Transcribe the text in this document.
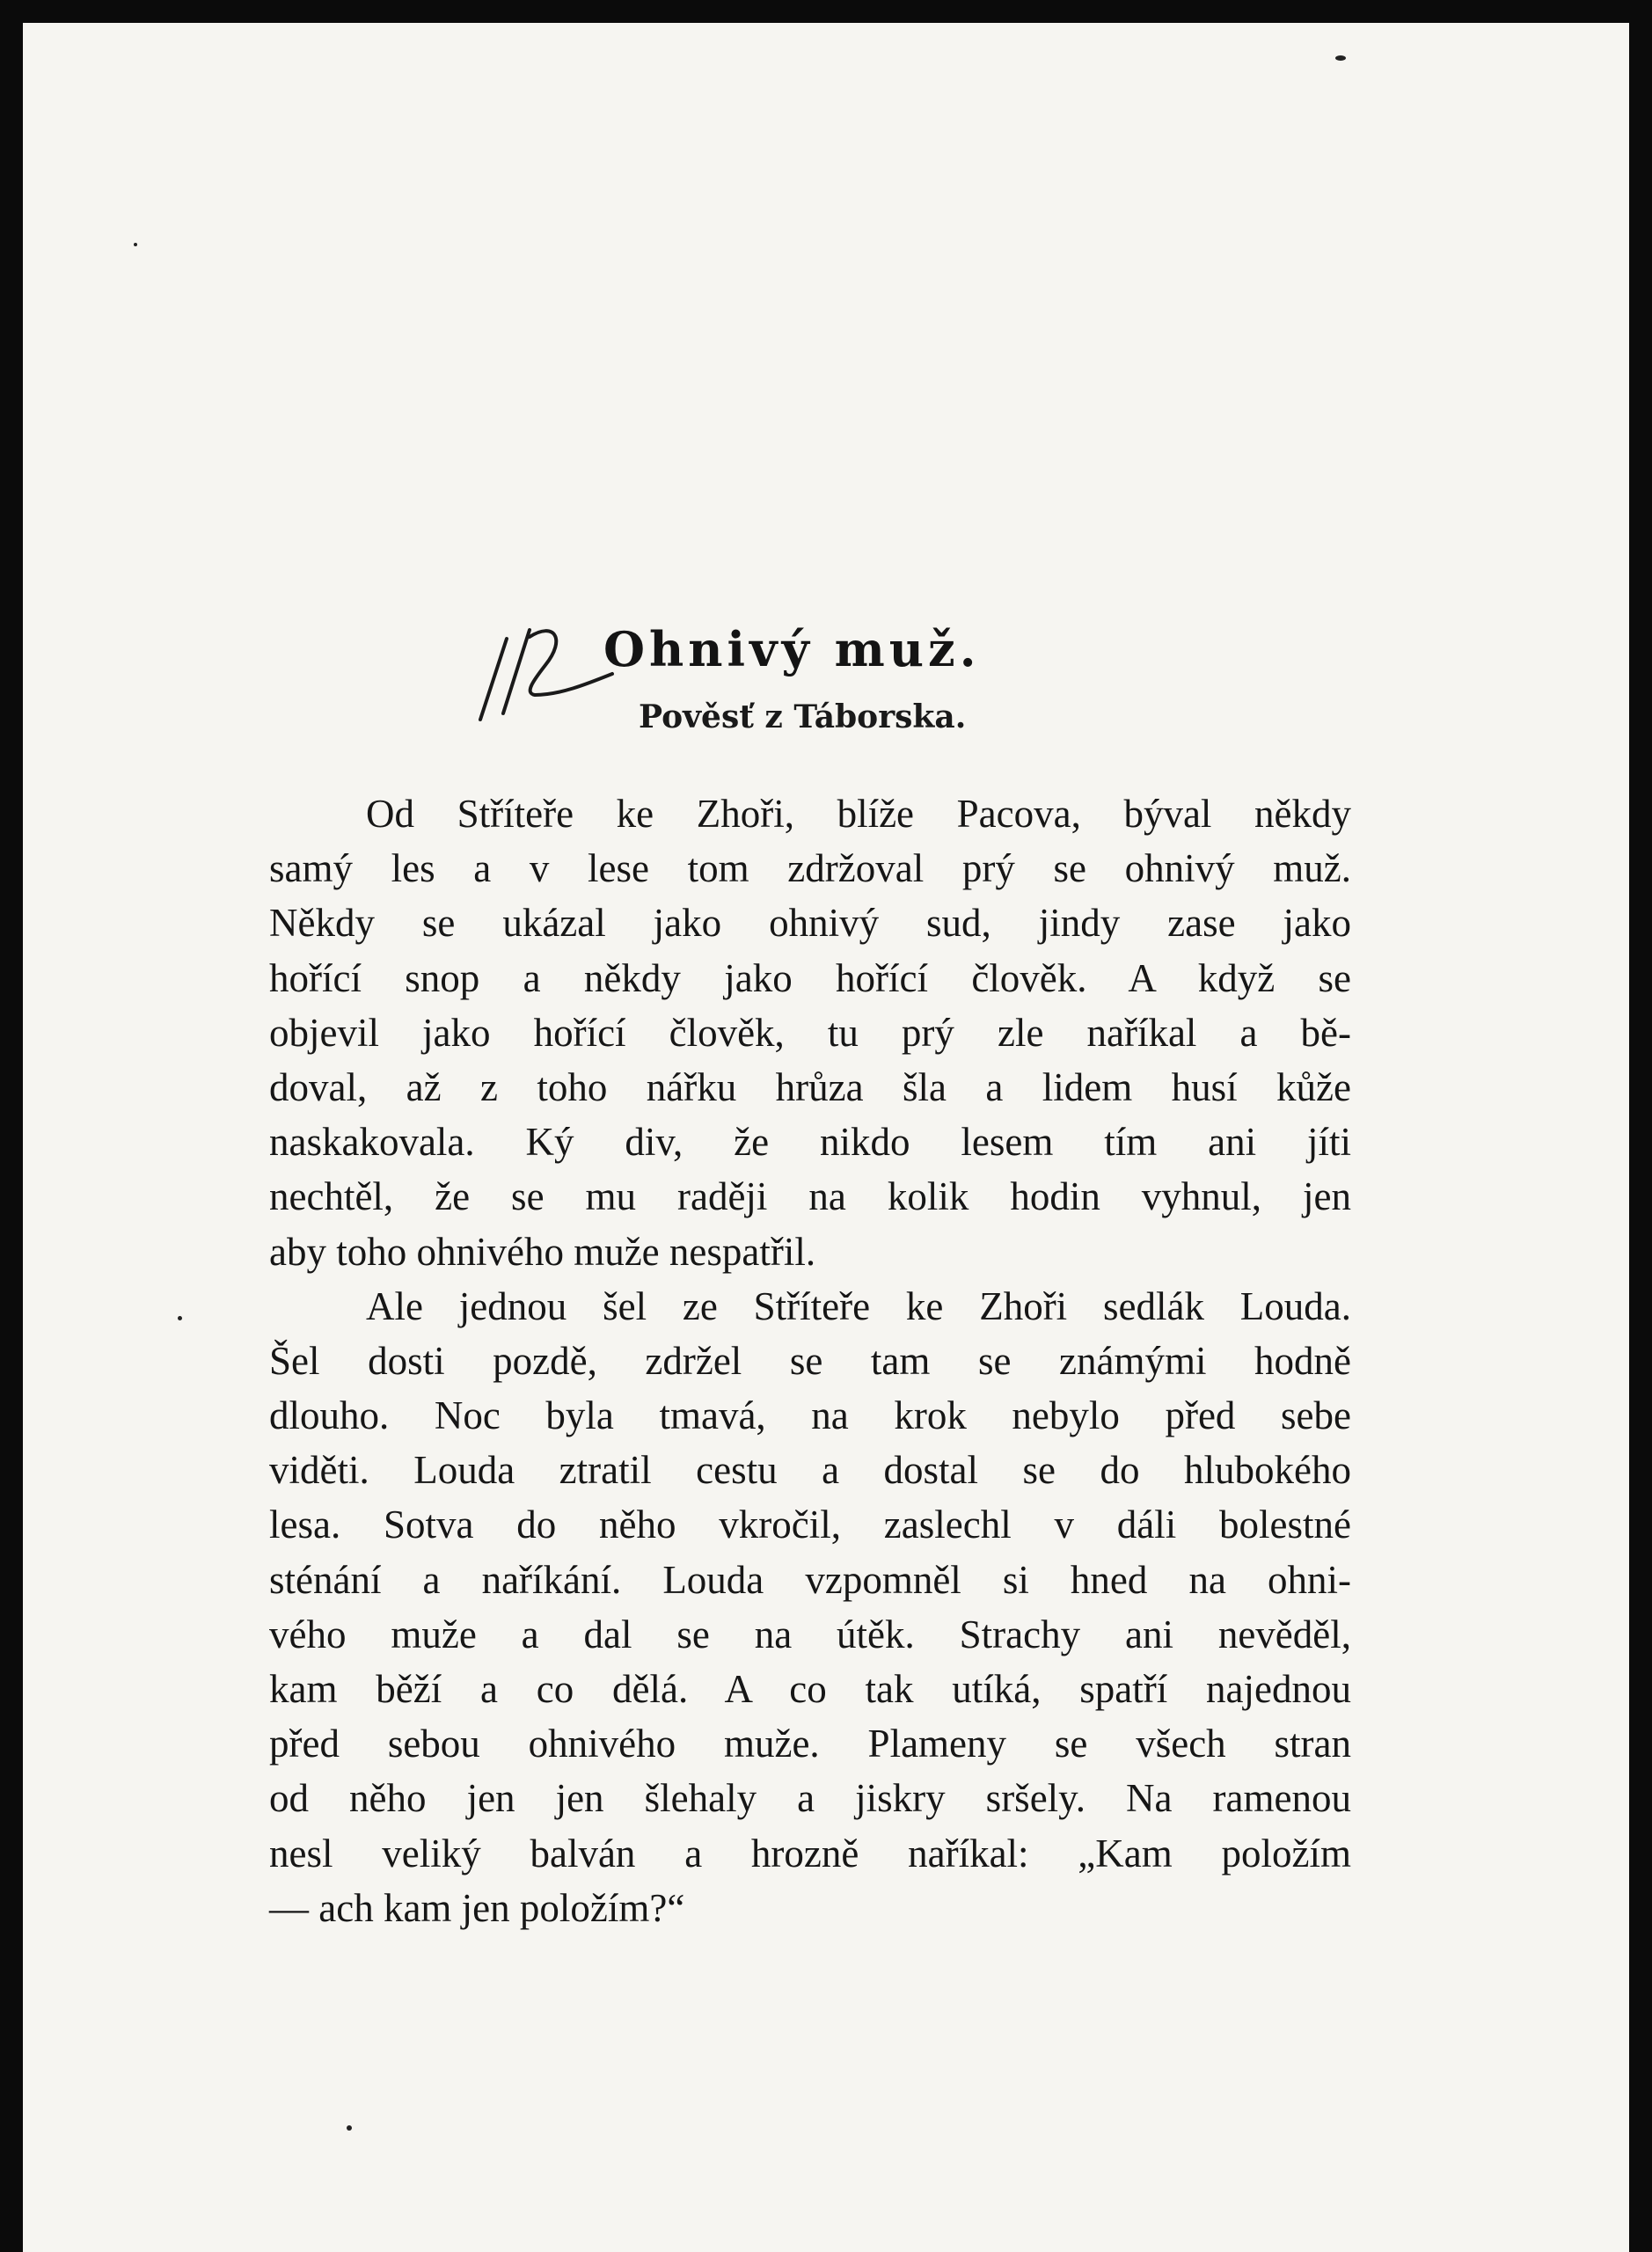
Ohnivý muž.
Pověsť z Táborska.
Od Stříteře ke Zhoři, blíže Pacova, býval někdy
samý les a v lese tom zdržoval prý se ohnivý muž.
Někdy se ukázal jako ohnivý sud, jindy zase jako
hořící snop a někdy jako hořící člověk. A když se
objevil jako hořící člověk, tu prý zle naříkal a bě-
doval, až z toho nářku hrůza šla a lidem husí kůže
naskakovala. Ký div, že nikdo lesem tím ani jíti
nechtěl, že se mu raději na kolik hodin vyhnul, jen
aby toho ohnivého muže nespatřil.
Ale jednou šel ze Stříteře ke Zhoři sedlák Louda.
Šel dosti pozdě, zdržel se tam se známými hodně
dlouho. Noc byla tmavá, na krok nebylo před sebe
viděti. Louda ztratil cestu a dostal se do hlubokého
lesa. Sotva do něho vkročil, zaslechl v dáli bolestné
sténání a naříkání. Louda vzpomněl si hned na ohni-
vého muže a dal se na útěk. Strachy ani nevěděl,
kam běží a co dělá. A co tak utíká, spatří najednou
před sebou ohnivého muže. Plameny se všech stran
od něho jen jen šlehaly a jiskry sršely. Na ramenou
nesl veliký balván a hrozně naříkal: „Kam položím
— ach kam jen položím?“
